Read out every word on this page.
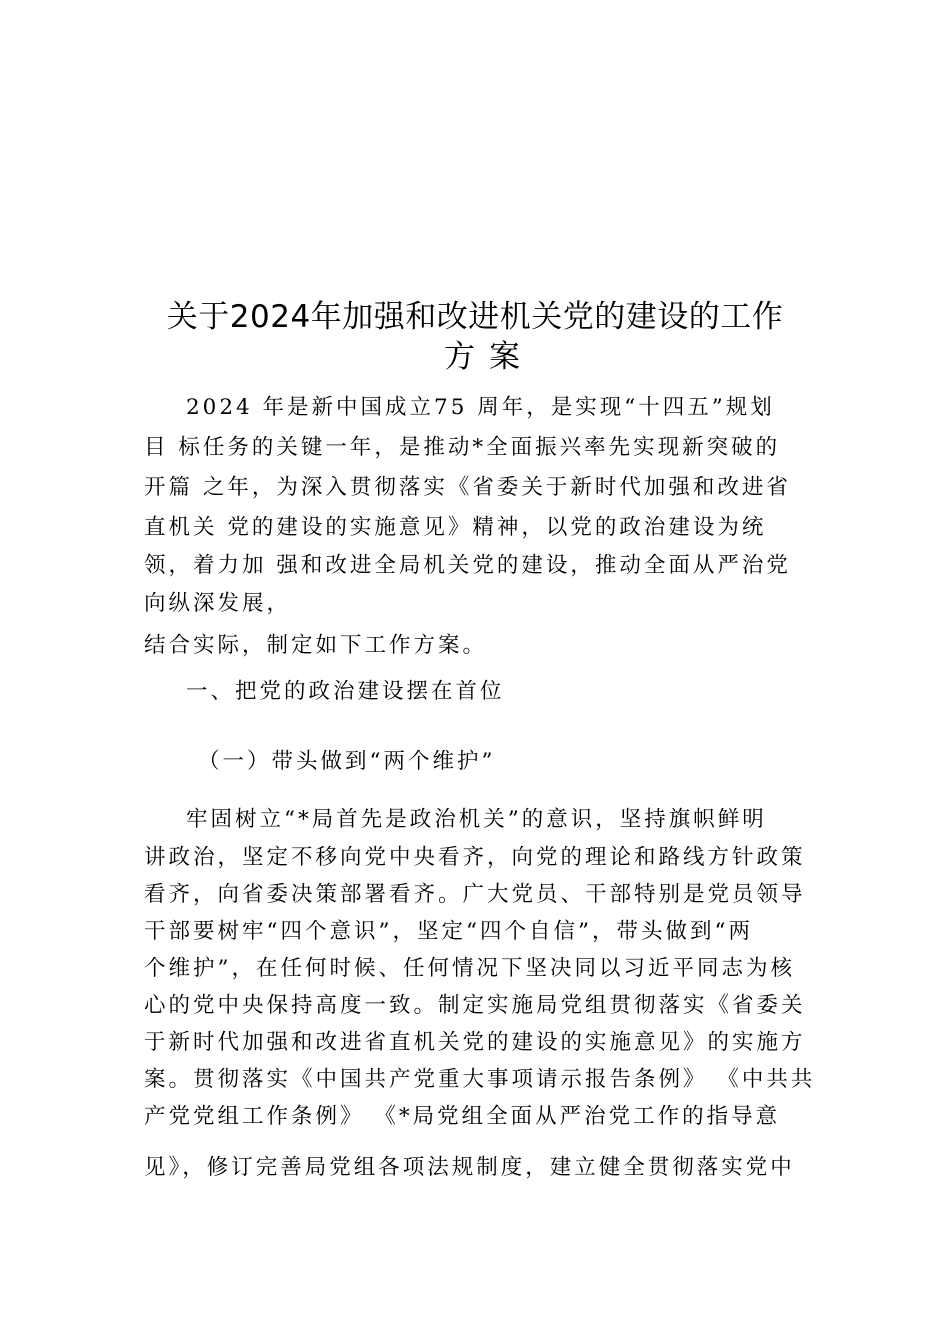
关于2024年加强和改进机关党的建设的工作
方案
2024 年是新中国成立75 周年，是实现“十四五”规划
目 标任务的关键一年，是推动*全面振兴率先实现新突破的
开篇 之年，为深入贯彻落实《省委关于新时代加强和改进省
直机关 党的建设的实施意见》精神，以党的政治建设为统
领，着力加 强和改进全局机关党的建设，推动全面从严治党
向纵深发展，
结合实际，制定如下工作方案。
一、把党的政治建设摆在首位
（一）带头做到“两个维护”
牢固树立“*局首先是政治机关”的意识，坚持旗帜鲜明
讲政治，坚定不移向党中央看齐，向党的理论和路线方针政策
看齐，向省委决策部署看齐。广大党员、干部特别是党员领导
干部要树牢“四个意识”，坚定“四个自信”，带头做到“两
个维护”，在任何时候、任何情况下坚决同以习近平同志为核
心的党中央保持高度一致。制定实施局党组贯彻落实《省委关
于新时代加强和改进省直机关党的建设的实施意见》的实施方
案。贯彻落实《中国共产党重大事项请示报告条例》 《中共共
产党党组工作条例》 《*局党组全面从严治党工作的指导意
见》，修订完善局党组各项法规制度，建立健全贯彻落实党中
